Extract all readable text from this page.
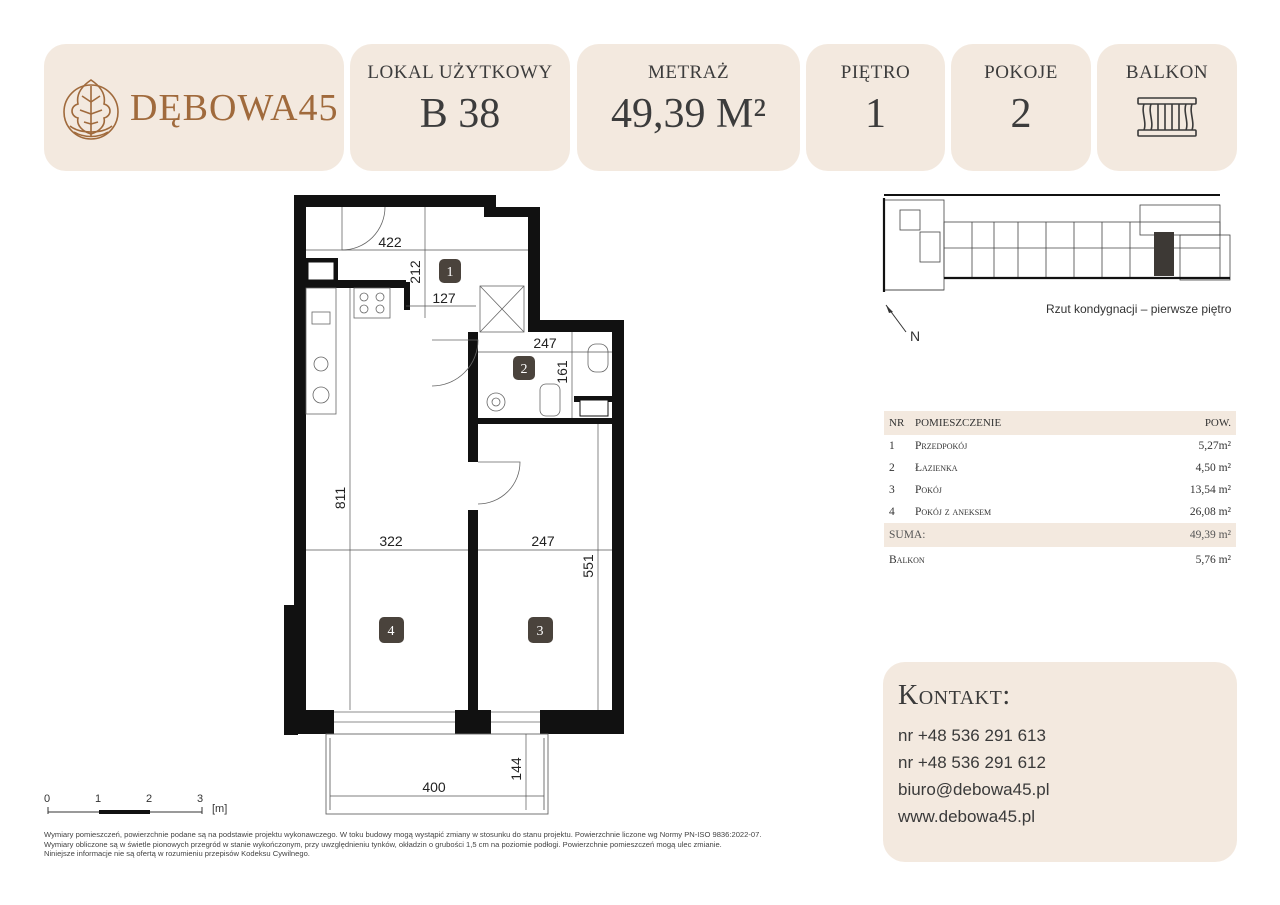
DĘBOWA45
LOKAL UŻYTKOWY
B 38
METRAŻ
49,39 M²
PIĘTRO
1
POKOJE
2
BALKON
422
212
127
247
161
811
322	247
551
400
144
1
2
4	3
0	1	2	3
[m]
N
Rzut kondygnacji – pierwsze piętro
NR POMIESZCZENIE	POW.
1	Przedpokój	5,27m²
2	Łazienka	4,50 m²
3	Pokój	13,54 m²
4	Pokój z aneksem	26,08 m²
SUMA:	49,39 m²
Balkon	5,76 m²
Kontakt:
nr +48 536 291 613
nr +48 536 291 612
biuro@debowa45.pl
www.debowa45.pl
Wymiary pomieszczeń, powierzchnie podane są na podstawie projektu wykonawczego. W toku budowy mogą wystąpić zmiany w stosunku do stanu projektu. Powierzchnie liczone wg Normy PN-ISO 9836:2022-07.
Wymiary obliczone są w świetle pionowych przegród w stanie wykończonym, przy uwzględnieniu tynków, okładzin o grubości 1,5 cm na poziomie podłogi. Powierzchnie pomieszczeń mogą ulec zmianie.
Niniejsze informacje nie są ofertą w rozumieniu przepisów Kodeksu Cywilnego.
